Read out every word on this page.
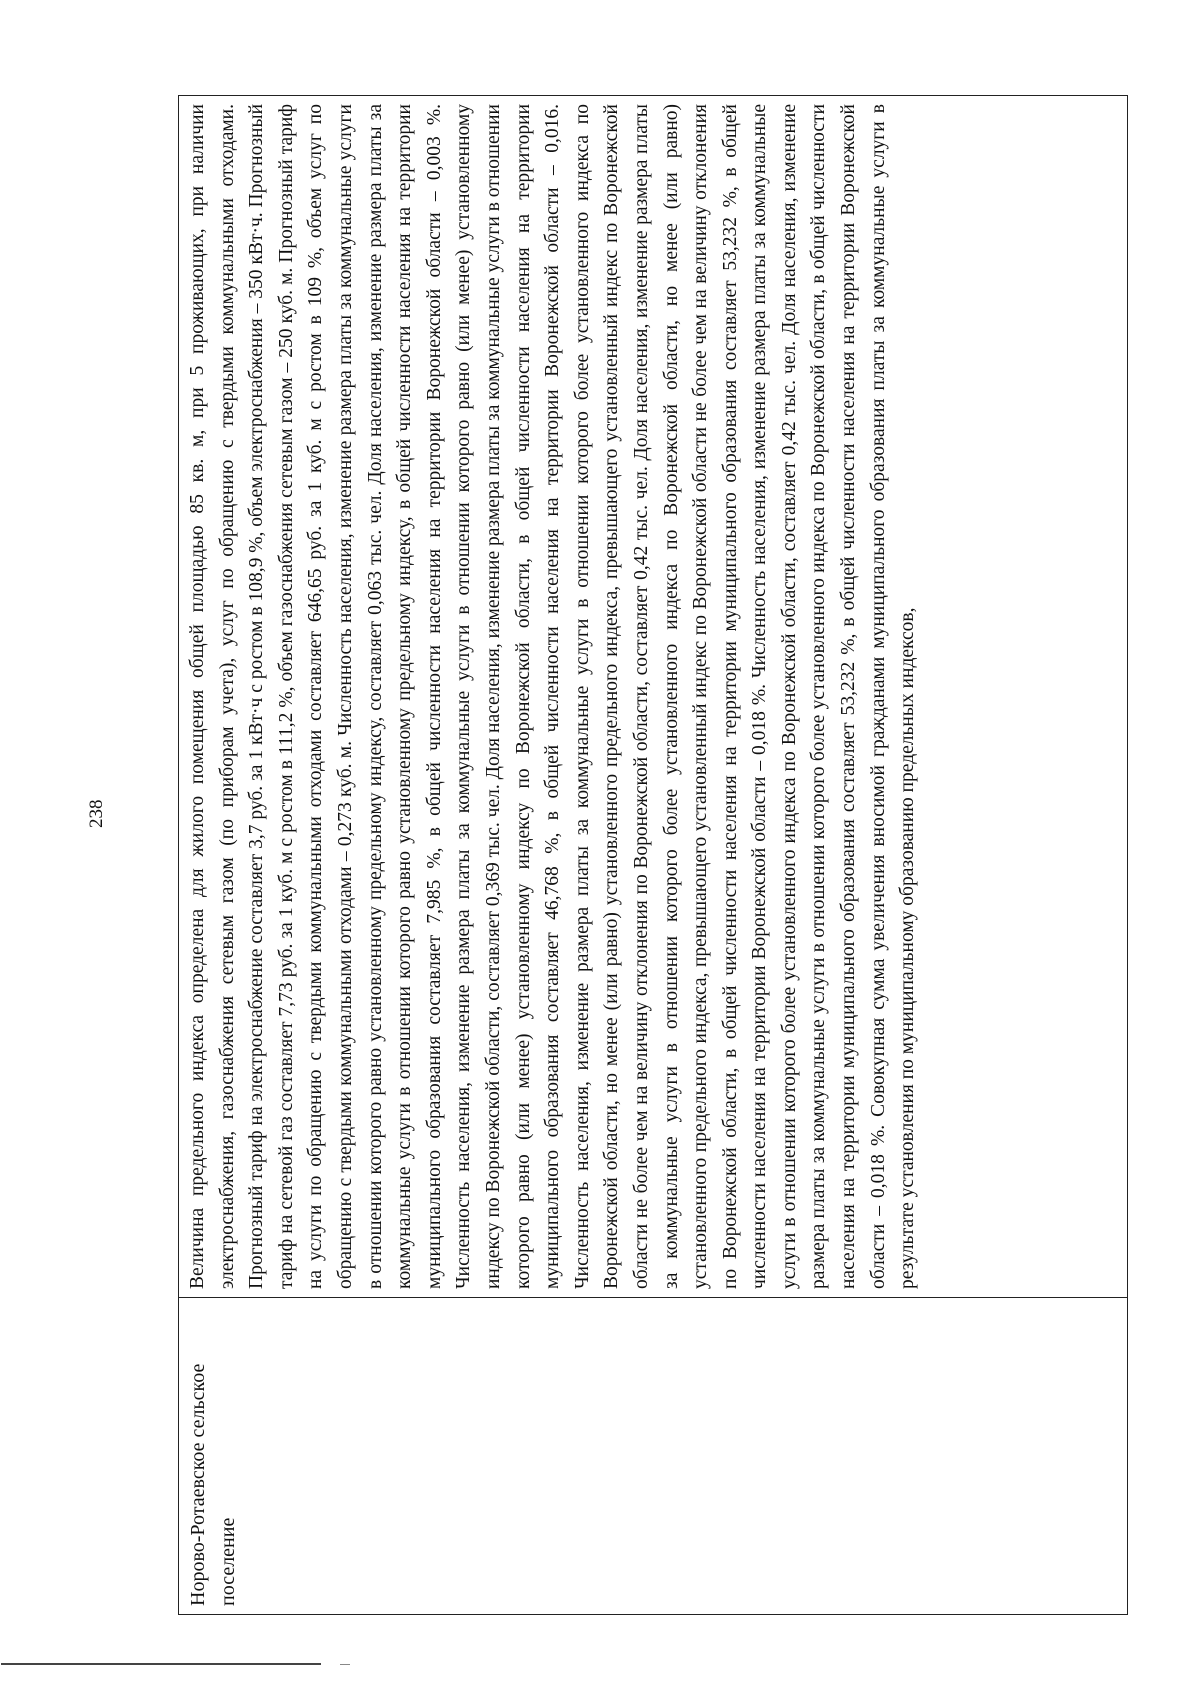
238
Норово-Ротаевское сельское поселение	Величина предельного индекса определена для жилого помещения общей площадью 85 кв. м, при 5 проживающих, при наличии электроснабжения, газоснабжения сетевым газом (по приборам учета), услуг по обращению с твердыми коммунальными отходами. Прогнозный тариф на электроснабжение составляет 3,7 руб. за 1 кВт·ч с ростом в 108,9 %, объем электроснабжения – 350 кВт·ч. Прогнозный тариф на сетевой газ составляет 7,73 руб. за 1 куб. м с ростом в 111,2 %, объем газоснабжения сетевым газом – 250 куб. м. Прогнозный тариф на услуги по обращению с твердыми коммунальными отходами составляет 646,65 руб. за 1 куб. м с ростом в 109 %, объем услуг по обращению с твердыми коммунальными отходами – 0,273 куб. м. Численность населения, изменение размера платы за коммунальные услуги в отношении которого равно установленному предельному индексу, составляет 0,063 тыс. чел. Доля населения, изменение размера платы за коммунальные услуги в отношении которого равно установленному предельному индексу, в общей численности населения на территории муниципального образования составляет 7,985 %, в общей численности населения на территории Воронежской области – 0,003 %. Численность населения, изменение размера платы за коммунальные услуги в отношении которого равно (или менее) установленному индексу по Воронежской области, составляет 0,369 тыс. чел. Доля населения, изменение размера платы за коммунальные услуги в отношении которого равно (или менее) установленному индексу по Воронежской области, в общей численности населения на территории муниципального образования составляет 46,768 %, в общей численности населения на территории Воронежской области – 0,016. Численность населения, изменение размера платы за коммунальные услуги в отношении которого более установленного индекса по Воронежской области, но менее (или равно) установленного предельного индекса, превышающего установленный индекс по Воронежской области не более чем на величину отклонения по Воронежской области, составляет 0,42 тыс. чел. Доля населения, изменение размера платы за коммунальные услуги в отношении которого более установленного индекса по Воронежской области, но менее (или равно) установленного предельного индекса, превышающего установленный индекс по Воронежской области не более чем на величину отклонения по Воронежской области, в общей численности населения на территории муниципального образования составляет 53,232 %, в общей численности населения на территории Воронежской области – 0,018 %. Численность населения, изменение размера платы за коммунальные услуги в отношении которого более установленного индекса по Воронежской области, составляет 0,42 тыс. чел. Доля населения, изменение размера платы за коммунальные услуги в отношении которого более установленного индекса по Воронежской области, в общей численности населения на территории муниципального образования составляет 53,232 %, в общей численности населения на территории Воронежской области – 0,018 %. Совокупная сумма увеличения вносимой гражданами муниципального образования платы за коммунальные услуги в результате установления по муниципальному образованию предельных индексов,
